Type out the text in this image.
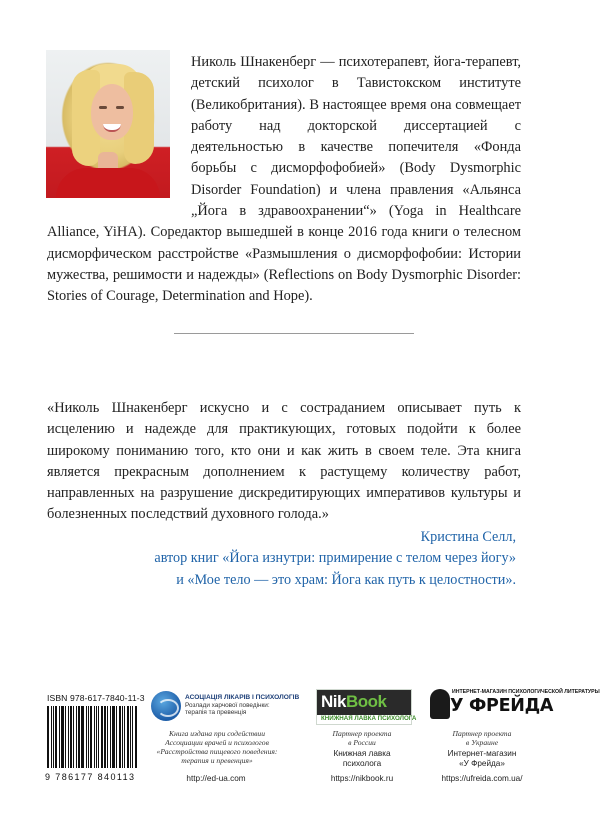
Николь Шнакенберг — психотерапевт, йога-терапевт, детский психолог в Тавистокском институте (Великобритания). В настоящее время она совмещает работу над докторской диссертацией с деятельностью в качестве попечителя «Фонда борьбы с дисморфофобией» (Body Dysmorphic Disorder Foundation) и члена правления «Альянса „Йога в здравоохранении“» (Yoga in Healthcare Alliance, YiHA). Соредактор вышедшей в конце 2016 года книги о телесном дисморфическом расстройстве «Размышления о дисморфофобии: Истории мужества, решимости и надежды» (Reflections on Body Dysmorphic Disorder: Stories of Courage, Determination and Hope).
«Николь Шнакенберг искусно и с состраданием описывает путь к исцелению и надежде для практикующих, готовых подойти к более широкому пониманию того, кто они и как жить в своем теле. Эта книга является прекрасным дополнением к растущему количеству работ, направленных на разрушение дискредитирующих императивов культуры и болезненных последствий духовного голода.»
Кристина Селл,
автор книг «Йога изнутри: примирение с телом через йогу»
и «Мое тело — это храм: Йога как путь к целостности».
ISBN 978-617-7840-11-3
9 786177 840113
АСОЦІАЦІЯ ЛІКАРІВ І ПСИХОЛОГІВ
Розлади харчової поведінки:
терапія та превенція
Книга издана при содействии
Ассоциации врачей и психологов
«Расстройства пищевого поведения:
терапия и превенция»
http://ed-ua.com
NikBook
КНИЖНАЯ ЛАВКА ПСИХОЛОГА
Партнер проекта
в России
Книжная лавка
психолога
https://nikbook.ru
ИНТЕРНЕТ-МАГАЗИН ПСИХОЛОГИЧЕСКОЙ ЛИТЕРАТУРЫ
У ФРЕЙДА
Партнер проекта
в Украине
Интернет-магазин
«У Фрейда»
https://ufreida.com.ua/
